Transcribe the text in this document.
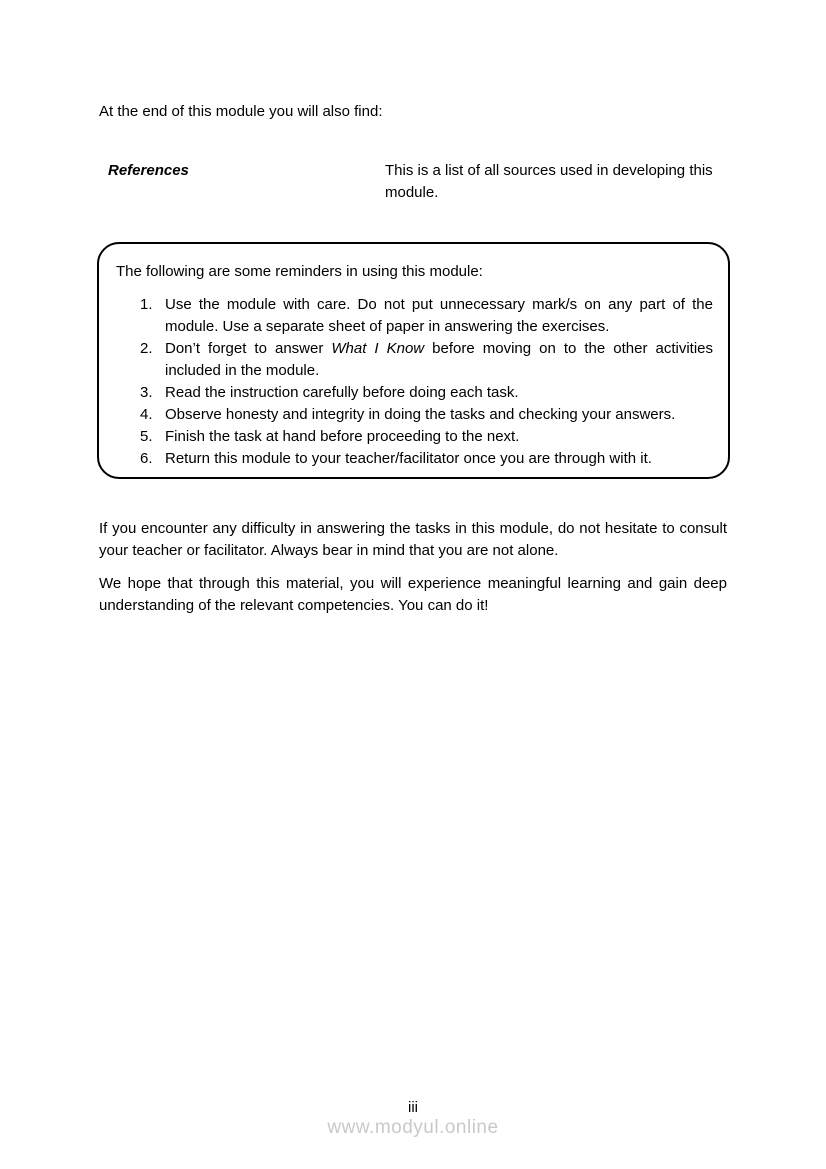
At the end of this module you will also find:

References	This is a list of all sources used in developing this module.

The following are some reminders in using this module:

Use the module with care. Do not put unnecessary mark/s on any part of the module. Use a separate sheet of paper in answering the exercises.
Don’t forget to answer What I Know before moving on to the other activities included in the module.
Read the instruction carefully before doing each task.
Observe honesty and integrity in doing the tasks and checking your answers.
Finish the task at hand before proceeding to the next.
Return this module to your teacher/facilitator once you are through with it.

If you encounter any difficulty in answering the tasks in this module, do not hesitate to consult your teacher or facilitator. Always bear in mind that you are not alone.

We hope that through this material, you will experience meaningful learning and gain deep understanding of the relevant competencies. You can do it!

iii
www.modyul.online
